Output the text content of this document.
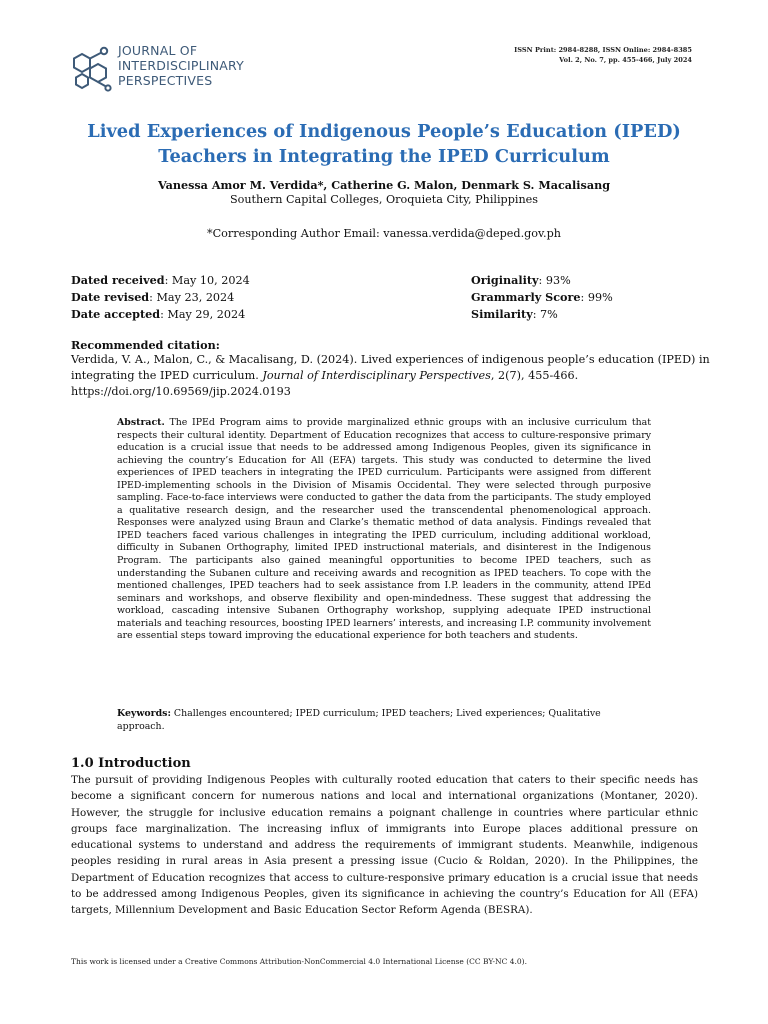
JOURNAL OF
INTERDISCIPLINARY
PERSPECTIVES
ISSN Print: 2984-8288, ISSN Online: 2984-8385
Vol. 2, No. 7, pp. 455-466, July 2024
Lived Experiences of Indigenous People’s Education (IPED)
Teachers in Integrating the IPED Curriculum
Vanessa Amor M. Verdida*, Catherine G. Malon, Denmark S. Macalisang
Southern Capital Colleges, Oroquieta City, Philippines
*Corresponding Author Email: vanessa.verdida@deped.gov.ph
Dated received: May 10, 2024
Date revised: May 23, 2024
Date accepted: May 29, 2024
Originality: 93%
Grammarly Score: 99%
Similarity: 7%
Recommended citation:
Verdida, V. A., Malon, C., & Macalisang, D. (2024). Lived experiences of indigenous people’s education (IPED) in integrating the IPED curriculum. Journal of Interdisciplinary Perspectives, 2(7), 455-466.
https://doi.org/10.69569/jip.2024.0193
Abstract. The IPEd Program aims to provide marginalized ethnic groups with an inclusive curriculum that respects their cultural identity. Department of Education recognizes that access to culture-responsive primary education is a crucial issue that needs to be addressed among Indigenous Peoples, given its significance in achieving the country’s Education for All (EFA) targets. This study was conducted to determine the lived experiences of IPED teachers in integrating the IPED curriculum. Participants were assigned from different IPED-implementing schools in the Division of Misamis Occidental. They were selected through purposive sampling. Face-to-face interviews were conducted to gather the data from the participants. The study employed a qualitative research design, and the researcher used the transcendental phenomenological approach. Responses were analyzed using Braun and Clarke’s thematic method of data analysis. Findings revealed that IPED teachers faced various challenges in integrating the IPED curriculum, including additional workload, difficulty in Subanen Orthography, limited IPED instructional materials, and disinterest in the Indigenous Program. The participants also gained meaningful opportunities to become IPED teachers, such as understanding the Subanen culture and receiving awards and recognition as IPED teachers. To cope with the mentioned challenges, IPED teachers had to seek assistance from I.P. leaders in the community, attend IPEd seminars and workshops, and observe flexibility and open-mindedness. These suggest that addressing the workload, cascading intensive Subanen Orthography workshop, supplying adequate IPED instructional materials and teaching resources, boosting IPED learners’ interests, and increasing I.P. community involvement are essential steps toward improving the educational experience for both teachers and students.
Keywords: Challenges encountered; IPED curriculum; IPED teachers; Lived experiences; Qualitative approach.
1.0 Introduction
The pursuit of providing Indigenous Peoples with culturally rooted education that caters to their specific needs has become a significant concern for numerous nations and local and international organizations (Montaner, 2020). However, the struggle for inclusive education remains a poignant challenge in countries where particular ethnic groups face marginalization. The increasing influx of immigrants into Europe places additional pressure on educational systems to understand and address the requirements of immigrant students. Meanwhile, indigenous peoples residing in rural areas in Asia present a pressing issue (Cucio & Roldan, 2020). In the Philippines, the Department of Education recognizes that access to culture-responsive primary education is a crucial issue that needs to be addressed among Indigenous Peoples, given its significance in achieving the country’s Education for All (EFA) targets, Millennium Development and Basic Education Sector Reform Agenda (BESRA).
This work is licensed under a Creative Commons Attribution-NonCommercial 4.0 International License (CC BY-NC 4.0).
